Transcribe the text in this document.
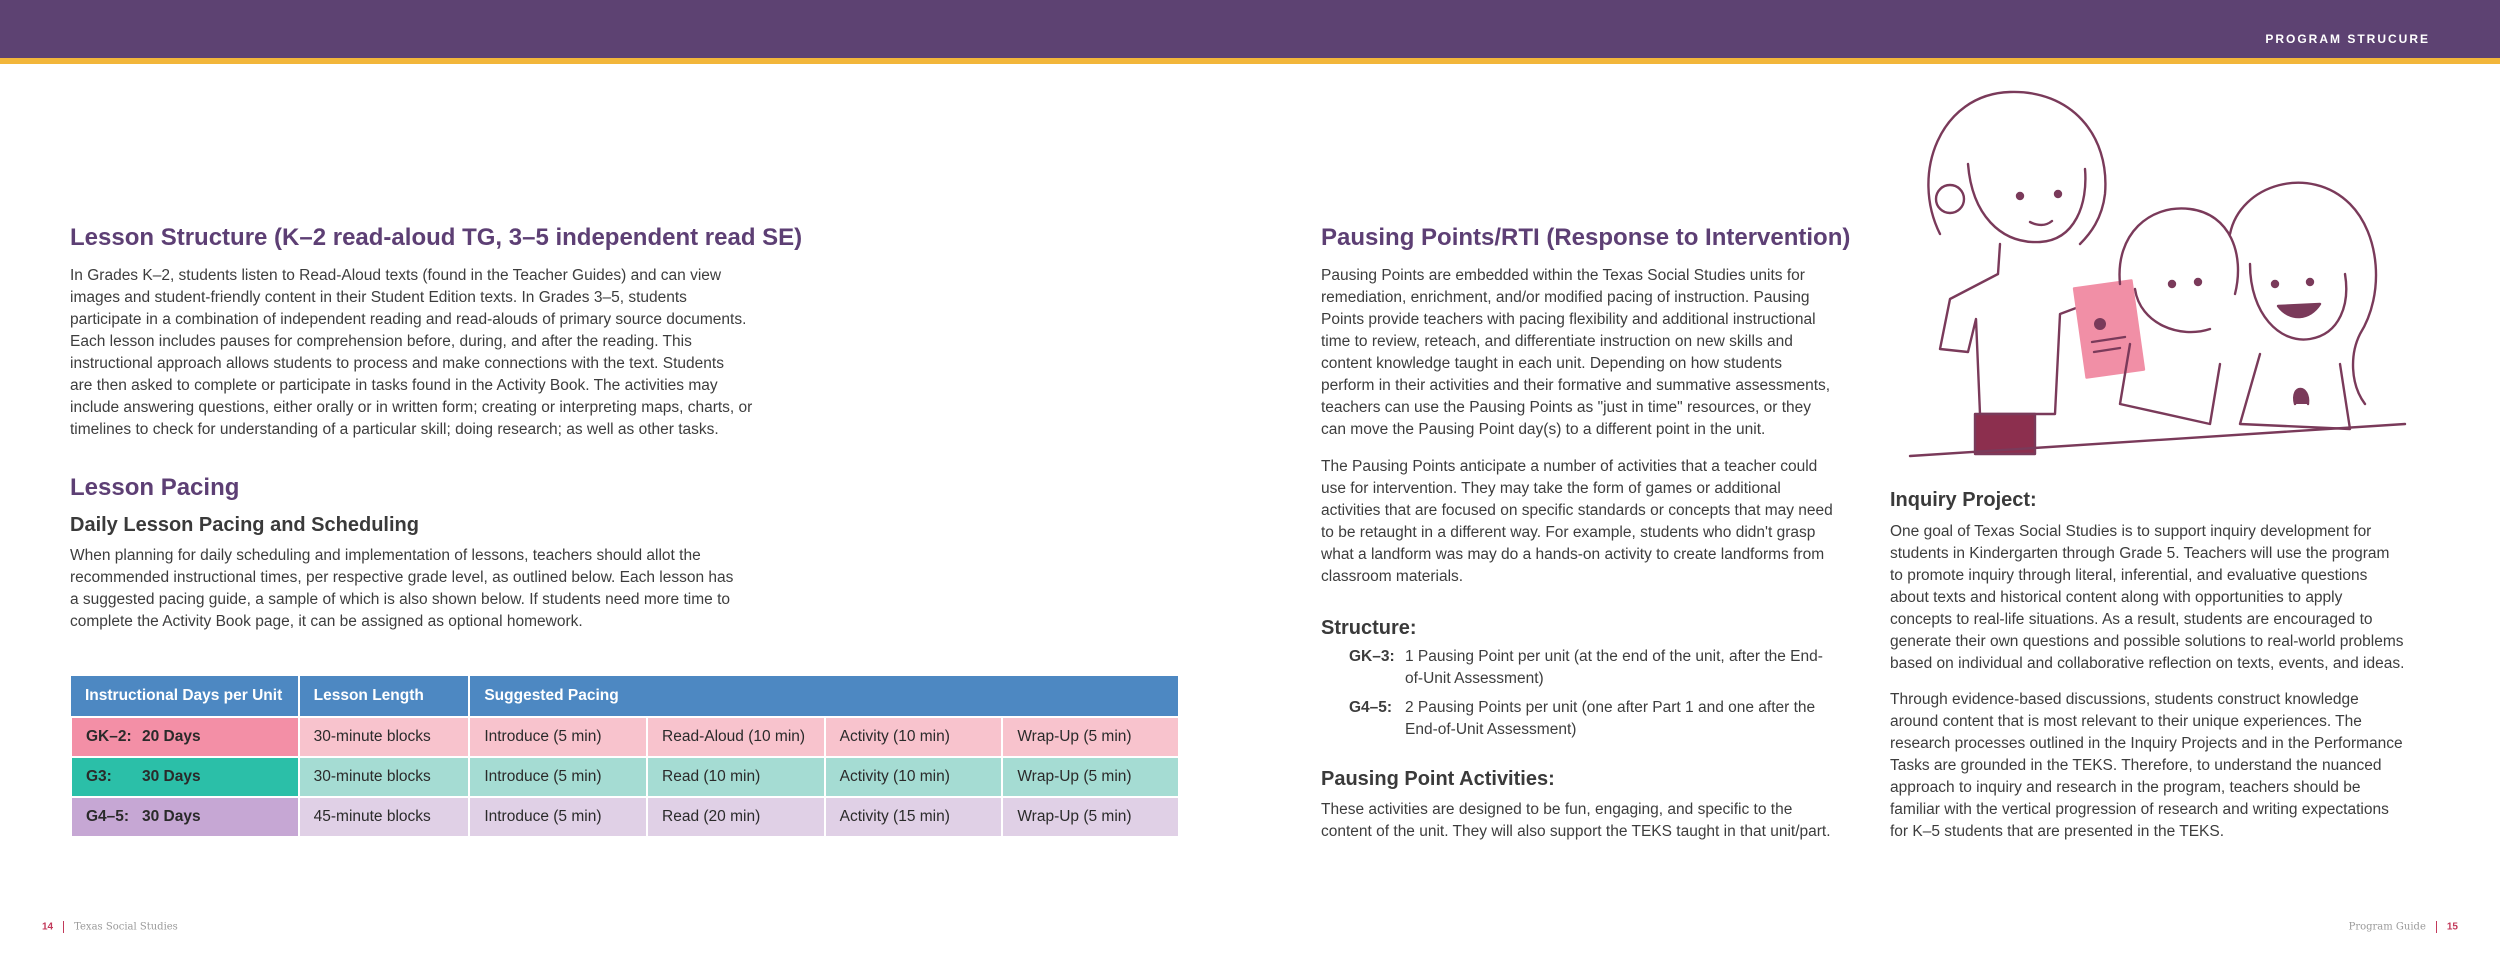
PROGRAM STRUCURE
Lesson Structure (K–2 read-aloud TG, 3–5 independent read SE)
In Grades K–2, students listen to Read-Aloud texts (found in the Teacher Guides) and can view
images and student-friendly content in their Student Edition texts. In Grades 3–5, students
participate in a combination of independent reading and read-alouds of primary source documents.
Each lesson includes pauses for comprehension before, during, and after the reading. This
instructional approach allows students to process and make connections with the text. Students
are then asked to complete or participate in tasks found in the Activity Book. The activities may
include answering questions, either orally or in written form; creating or interpreting maps, charts, or
timelines to check for understanding of a particular skill; doing research; as well as other tasks.
Lesson Pacing
Daily Lesson Pacing and Scheduling
When planning for daily scheduling and implementation of lessons, teachers should allot the
recommended instructional times, per respective grade level, as outlined below. Each lesson has
a suggested pacing guide, a sample of which is also shown below. If students need more time to
complete the Activity Book page, it can be assigned as optional homework.
Instructional Days per Unit	Lesson Length	Suggested Pacing			
GK–2: 20 Days	30-minute blocks	Introduce (5 min)	Read-Aloud (10 min)	Activity (10 min)	Wrap-Up (5 min)
G3: 30 Days	30-minute blocks	Introduce (5 min)	Read (10 min)	Activity (10 min)	Wrap-Up (5 min)
G4–5: 30 Days	45-minute blocks	Introduce (5 min)	Read (20 min)	Activity (15 min)	Wrap-Up (5 min)
Pausing Points/RTI (Response to Intervention)
Pausing Points are embedded within the Texas Social Studies units for
remediation, enrichment, and/or modified pacing of instruction. Pausing
Points provide teachers with pacing flexibility and additional instructional
time to review, reteach, and differentiate instruction on new skills and
content knowledge taught in each unit. Depending on how students
perform in their activities and their formative and summative assessments,
teachers can use the Pausing Points as "just in time" resources, or they
can move the Pausing Point day(s) to a different point in the unit.
The Pausing Points anticipate a number of activities that a teacher could
use for intervention. They may take the form of games or additional
activities that are focused on specific standards or concepts that may need
to be retaught in a different way. For example, students who didn't grasp
what a landform was may do a hands-on activity to create landforms from
classroom materials.
Structure:
GK–3: 1 Pausing Point per unit (at the end of the unit, after the End-
of-Unit Assessment)
G4–5: 2 Pausing Points per unit (one after Part 1 and one after the
End-of-Unit Assessment)
Pausing Point Activities:
These activities are designed to be fun, engaging, and specific to the
content of the unit. They will also support the TEKS taught in that unit/part.
Inquiry Project:
One goal of Texas Social Studies is to support inquiry development for
students in Kindergarten through Grade 5. Teachers will use the program
to promote inquiry through literal, inferential, and evaluative questions
about texts and historical content along with opportunities to apply
concepts to real-life situations. As a result, students are encouraged to
generate their own questions and possible solutions to real-world problems
based on individual and collaborative reflection on texts, events, and ideas.
Through evidence-based discussions, students construct knowledge
around content that is most relevant to their unique experiences. The
research processes outlined in the Inquiry Projects and in the Performance
Tasks are grounded in the TEKS. Therefore, to understand the nuanced
approach to inquiry and research in the program, teachers should be
familiar with the vertical progression of research and writing expectations
for K–5 students that are presented in the TEKS.
14 Texas Social Studies	Program Guide 15
